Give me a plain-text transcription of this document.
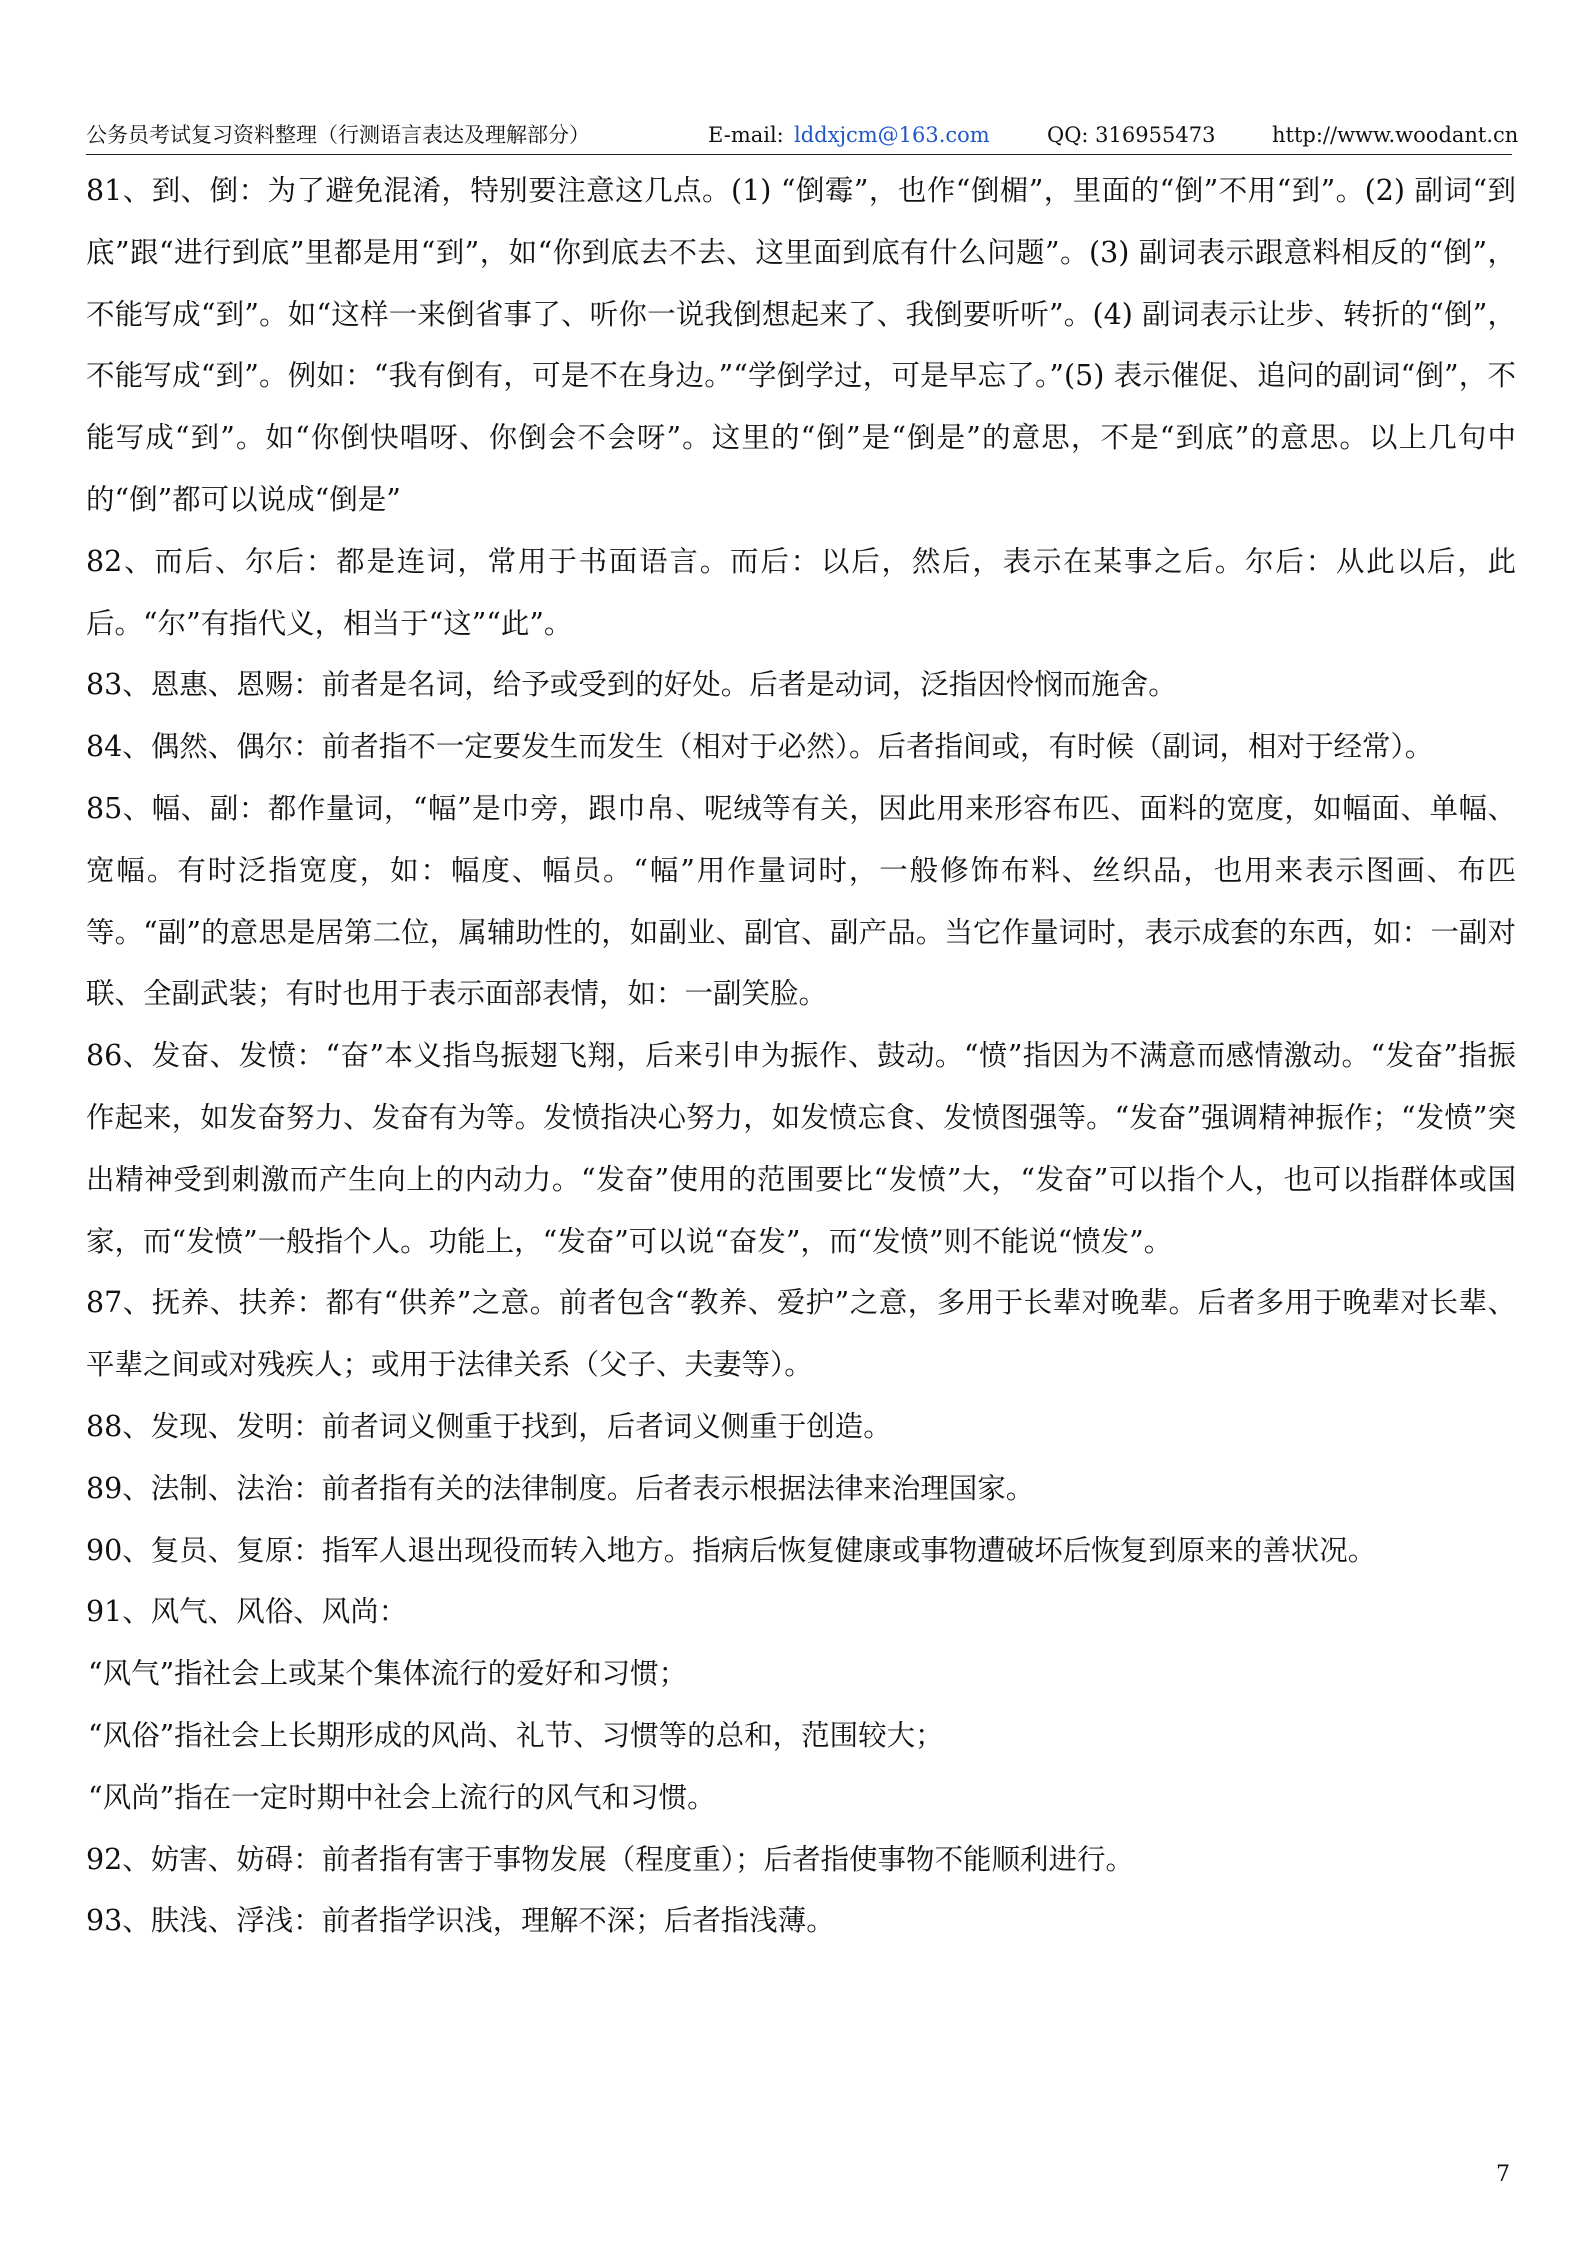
公务员考试复习资料整理（行测语言表达及理解部分）	E-mail: lddxjcm@163.com	QQ: 316955473	http://www.woodant.cn

81、到、倒：为了避免混淆，特别要注意这几点。(1) “倒霉”，也作“倒楣”，里面的“倒”不用“到”。(2) 副词“到底”跟“进行到底”里都是用“到”，如“你到底去不去、这里面到底有什么问题”。(3) 副词表示跟意料相反的“倒”，不能写成“到”。如“这样一来倒省事了、听你一说我倒想起来了、我倒要听听”。(4) 副词表示让步、转折的“倒”，不能写成“到”。例如：“我有倒有，可是不在身边。”“学倒学过，可是早忘了。”(5) 表示催促、追问的副词“倒”，不能写成“到”。如“你倒快唱呀、你倒会不会呀”。这里的“倒”是“倒是”的意思，不是“到底”的意思。以上几句中的“倒”都可以说成“倒是”

82、而后、尔后：都是连词，常用于书面语言。而后：以后，然后，表示在某事之后。尔后：从此以后，此后。“尔”有指代义，相当于“这”“此”。

83、恩惠、恩赐：前者是名词，给予或受到的好处。后者是动词，泛指因怜悯而施舍。

84、偶然、偶尔：前者指不一定要发生而发生（相对于必然）。后者指间或，有时候（副词，相对于经常）。

85、幅、副：都作量词，“幅”是巾旁，跟巾帛、呢绒等有关，因此用来形容布匹、面料的宽度，如幅面、单幅、宽幅。有时泛指宽度，如：幅度、幅员。“幅”用作量词时，一般修饰布料、丝织品，也用来表示图画、布匹等。“副”的意思是居第二位，属辅助性的，如副业、副官、副产品。当它作量词时，表示成套的东西，如：一副对联、全副武装；有时也用于表示面部表情，如：一副笑脸。

86、发奋、发愤：“奋”本义指鸟振翅飞翔，后来引申为振作、鼓动。“愤”指因为不满意而感情激动。“发奋”指振作起来，如发奋努力、发奋有为等。发愤指决心努力，如发愤忘食、发愤图强等。“发奋”强调精神振作；“发愤”突出精神受到刺激而产生向上的内动力。“发奋”使用的范围要比“发愤”大，“发奋”可以指个人，也可以指群体或国家，而“发愤”一般指个人。功能上，“发奋”可以说“奋发”，而“发愤”则不能说“愤发”。

87、抚养、扶养：都有“供养”之意。前者包含“教养、爱护”之意，多用于长辈对晚辈。后者多用于晚辈对长辈、平辈之间或对残疾人；或用于法律关系（父子、夫妻等）。

88、发现、发明：前者词义侧重于找到，后者词义侧重于创造。

89、法制、法治：前者指有关的法律制度。后者表示根据法律来治理国家。

90、复员、复原：指军人退出现役而转入地方。指病后恢复健康或事物遭破坏后恢复到原来的善状况。

91、风气、风俗、风尚：

“风气”指社会上或某个集体流行的爱好和习惯；

“风俗”指社会上长期形成的风尚、礼节、习惯等的总和，范围较大；

“风尚”指在一定时期中社会上流行的风气和习惯。

92、妨害、妨碍：前者指有害于事物发展（程度重）；后者指使事物不能顺利进行。

93、肤浅、浮浅：前者指学识浅，理解不深；后者指浅薄。

7
